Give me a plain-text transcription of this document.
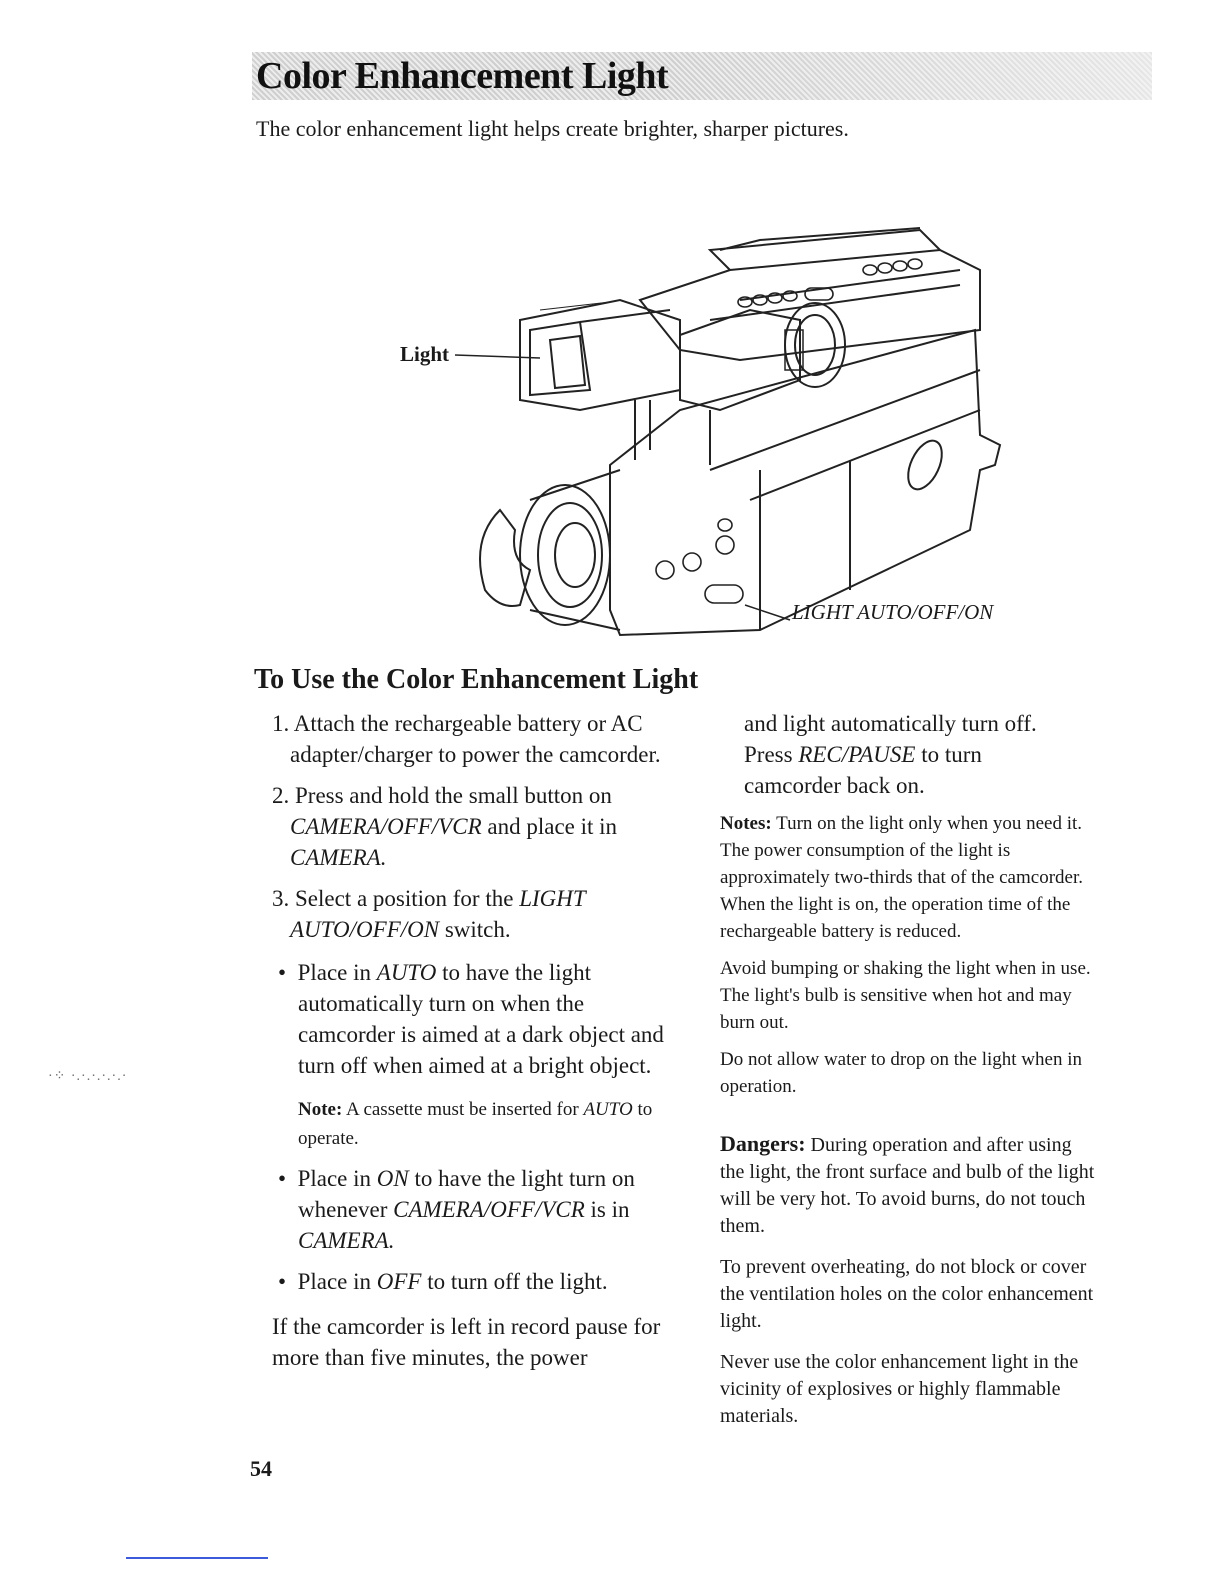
Color Enhancement Light
The color enhancement light helps create brighter, sharper pictures.
Light
LIGHT AUTO/OFF/ON
To Use the Color Enhancement Light

1. Attach the rechargeable battery or AC adapter/charger to power the camcorder.

2. Press and hold the small button on CAMERA/OFF/VCR and place it in CAMERA.

3. Select a position for the LIGHT AUTO/OFF/ON switch.

•  Place in AUTO to have the light automatically turn on when the camcorder is aimed at a dark object and turn off when aimed at a bright object.

Note: A cassette must be inserted for AUTO to operate.

•  Place in ON to have the light turn on whenever CAMERA/OFF/VCR is in CAMERA.

•  Place in OFF to turn off the light.

If the camcorder is left in record pause for more than five minutes, the power

and light automatically turn off.

Press REC/PAUSE to turn camcorder back on.

Notes: Turn on the light only when you need it. The power consumption of the light is approximately two-thirds that of the camcorder. When the light is on, the operation time of the rechargeable battery is reduced.

Avoid bumping or shaking the light when in use. The light's bulb is sensitive when hot and may burn out.

Do not allow water to drop on the light when in operation.

Dangers: During operation and after using the light, the front surface and bulb of the light will be very hot. To avoid burns, do not touch them.

To prevent overheating, do not block or cover the ventilation holes on the color enhancement light.

Never use the color enhancement light in the vicinity of explosives or highly flammable materials.

54
·⁘ ·.·.·.·.·.·
